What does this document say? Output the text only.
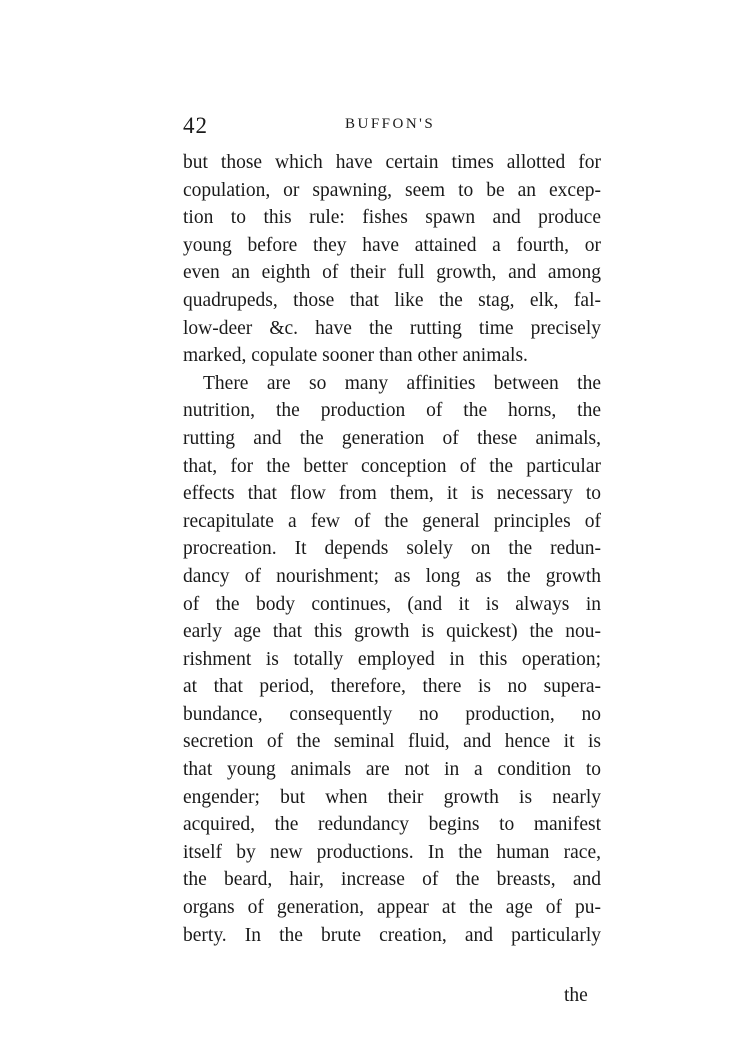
42	BUFFON'S
but those which have certain times allotted for
copulation, or spawning, seem to be an excep-
tion to this rule: fishes spawn and produce
young before they have attained a fourth, or
even an eighth of their full growth, and among
quadrupeds, those that like the stag, elk, fal-
low-deer &c. have the rutting time precisely
marked, copulate sooner than other animals.
There are so many affinities between the
nutrition, the production of the horns, the
rutting and the generation of these animals,
that, for the better conception of the particular
effects that flow from them, it is necessary to
recapitulate a few of the general principles of
procreation. It depends solely on the redun-
dancy of nourishment; as long as the growth
of the body continues, (and it is always in
early age that this growth is quickest) the nou-
rishment is totally employed in this operation;
at that period, therefore, there is no supera-
bundance, consequently no production, no
secretion of the seminal fluid, and hence it is
that young animals are not in a condition to
engender; but when their growth is nearly
acquired, the redundancy begins to manifest
itself by new productions. In the human race,
the beard, hair, increase of the breasts, and
organs of generation, appear at the age of pu-
berty. In the brute creation, and particularly
the
